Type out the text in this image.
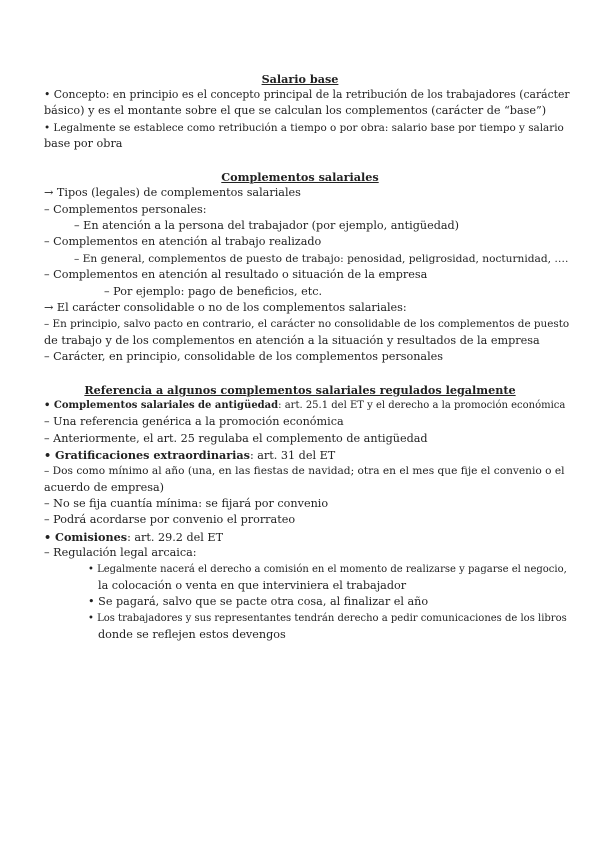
Salario base
• Concepto: en principio es el concepto principal de la retribución de los trabajadores (carácter
básico) y es el montante sobre el que se calculan los complementos (carácter de “base”)
• Legalmente se establece como retribución a tiempo o por obra: salario base por tiempo y salario
base por obra
Complementos salariales
→ Tipos (legales) de complementos salariales
– Complementos personales:
– En atención a la persona del trabajador (por ejemplo, antigüedad)
– Complementos en atención al trabajo realizado
– En general, complementos de puesto de trabajo: penosidad, peligrosidad, nocturnidad, ….
– Complementos en atención al resultado o situación de la empresa
– Por ejemplo: pago de beneficios, etc.
→ El carácter consolidable o no de los complementos salariales:
– En principio, salvo pacto en contrario, el carácter no consolidable de los complementos de puesto
de trabajo y de los complementos en atención a la situación y resultados de la empresa
– Carácter, en principio, consolidable de los complementos personales
Referencia a algunos complementos salariales regulados legalmente
• Complementos salariales de antigüedad: art. 25.1 del ET y el derecho a la promoción económica
– Una referencia genérica a la promoción económica
– Anteriormente, el art. 25 regulaba el complemento de antigüedad
• Gratificaciones extraordinarias: art. 31 del ET
– Dos como mínimo al año (una, en las fiestas de navidad; otra en el mes que fije el convenio o el
acuerdo de empresa)
– No se fija cuantía mínima: se fijará por convenio
– Podrá acordarse por convenio el prorrateo
• Comisiones: art. 29.2 del ET
– Regulación legal arcaica:
• Legalmente nacerá el derecho a comisión en el momento de realizarse y pagarse el negocio,
la colocación o venta en que interviniera el trabajador
• Se pagará, salvo que se pacte otra cosa, al finalizar el año
• Los trabajadores y sus representantes tendrán derecho a pedir comunicaciones de los libros
donde se reflejen estos devengos
